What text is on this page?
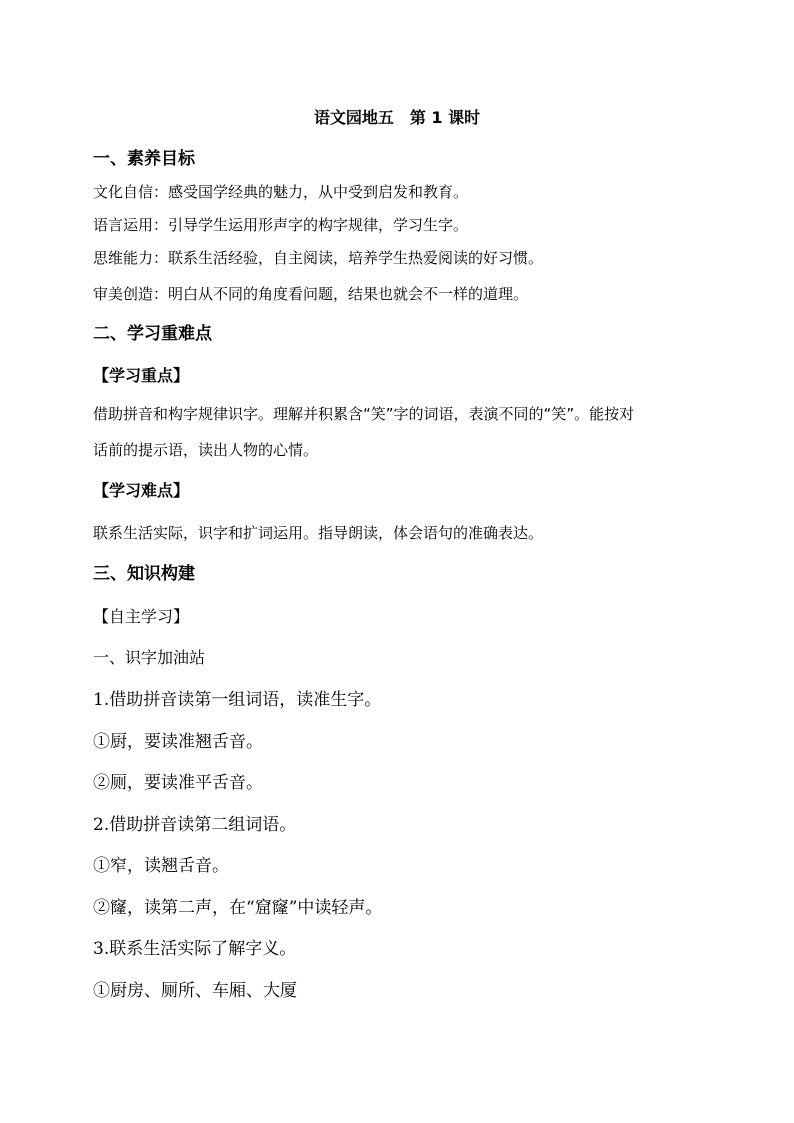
语文园地五　第 1 课时
一、素养目标
文化自信：感受国学经典的魅力，从中受到启发和教育。
语言运用：引导学生运用形声字的构字规律，学习生字。
思维能力：联系生活经验，自主阅读，培养学生热爱阅读的好习惯。
审美创造：明白从不同的角度看问题，结果也就会不一样的道理。
二、学习重难点
【学习重点】
借助拼音和构字规律识字。理解并积累含“笑”字的词语，表演不同的“笑”。能按对
话前的提示语，读出人物的心情。
【学习难点】
联系生活实际，识字和扩词运用。指导朗读，体会语句的准确表达。
三、知识构建
【自主学习】
一、识字加油站
1.借助拼音读第一组词语，读准生字。
①厨，要读准翘舌音。
②厕，要读准平舌音。
2.借助拼音读第二组词语。
①窄，读翘舌音。
②窿，读第二声，在“窟窿”中读轻声。
3.联系生活实际了解字义。
①厨房、厕所、车厢、大厦
